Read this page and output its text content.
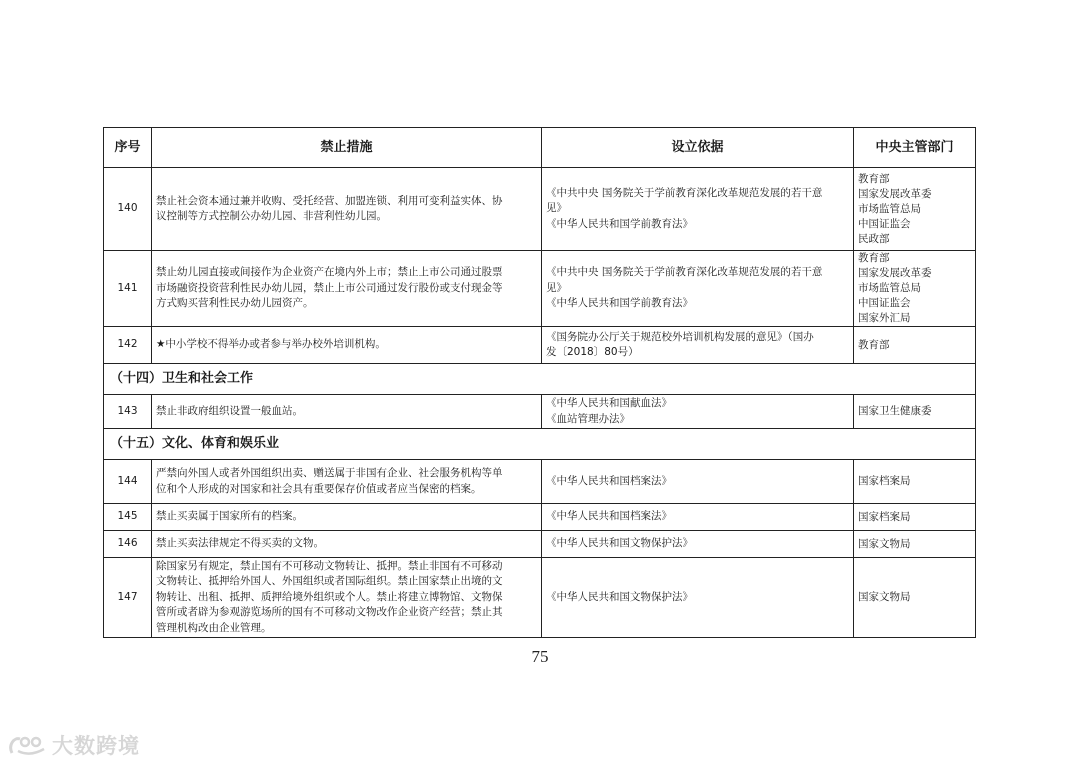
序号	禁止措施	设立依据	中央主管部门
140	禁止社会资本通过兼并收购、受托经营、加盟连锁、利用可变利益实体、协
议控制等方式控制公办幼儿园、非营利性幼儿园。	《中共中央 国务院关于学前教育深化改革规范发展的若干意
见》
《中华人民共和国学前教育法》	教育部
国家发展改革委
市场监管总局
中国证监会
民政部

141	禁止幼儿园直接或间接作为企业资产在境内外上市；禁止上市公司通过股票
市场融资投资营利性民办幼儿园，禁止上市公司通过发行股份或支付现金等
方式购买营利性民办幼儿园资产。	《中共中央 国务院关于学前教育深化改革规范发展的若干意
见》
《中华人民共和国学前教育法》	教育部
国家发展改革委
市场监管总局
中国证监会
国家外汇局

142	★中小学校不得举办或者参与举办校外培训机构。	《国务院办公厅关于规范校外培训机构发展的意见》（国办
发〔2018〕80号）	教育部

（十四）卫生和社会工作			
143	禁止非政府组织设置一般血站。	《中华人民共和国献血法》
《血站管理办法》	国家卫生健康委

（十五）文化、体育和娱乐业			
144	严禁向外国人或者外国组织出卖、赠送属于非国有企业、社会服务机构等单
位和个人形成的对国家和社会具有重要保存价值或者应当保密的档案。	《中华人民共和国档案法》	国家档案局

145	禁止买卖属于国家所有的档案。	《中华人民共和国档案法》	国家档案局

146	禁止买卖法律规定不得买卖的文物。	《中华人民共和国文物保护法》	国家文物局

147	除国家另有规定，禁止国有不可移动文物转让、抵押。禁止非国有不可移动
文物转让、抵押给外国人、外国组织或者国际组织。禁止国家禁止出境的文
物转让、出租、抵押、质押给境外组织或个人。禁止将建立博物馆、文物保
管所或者辟为参观游览场所的国有不可移动文物改作企业资产经营；禁止其
管理机构改由企业管理。	《中华人民共和国文物保护法》	国家文物局
75
大数跨境
